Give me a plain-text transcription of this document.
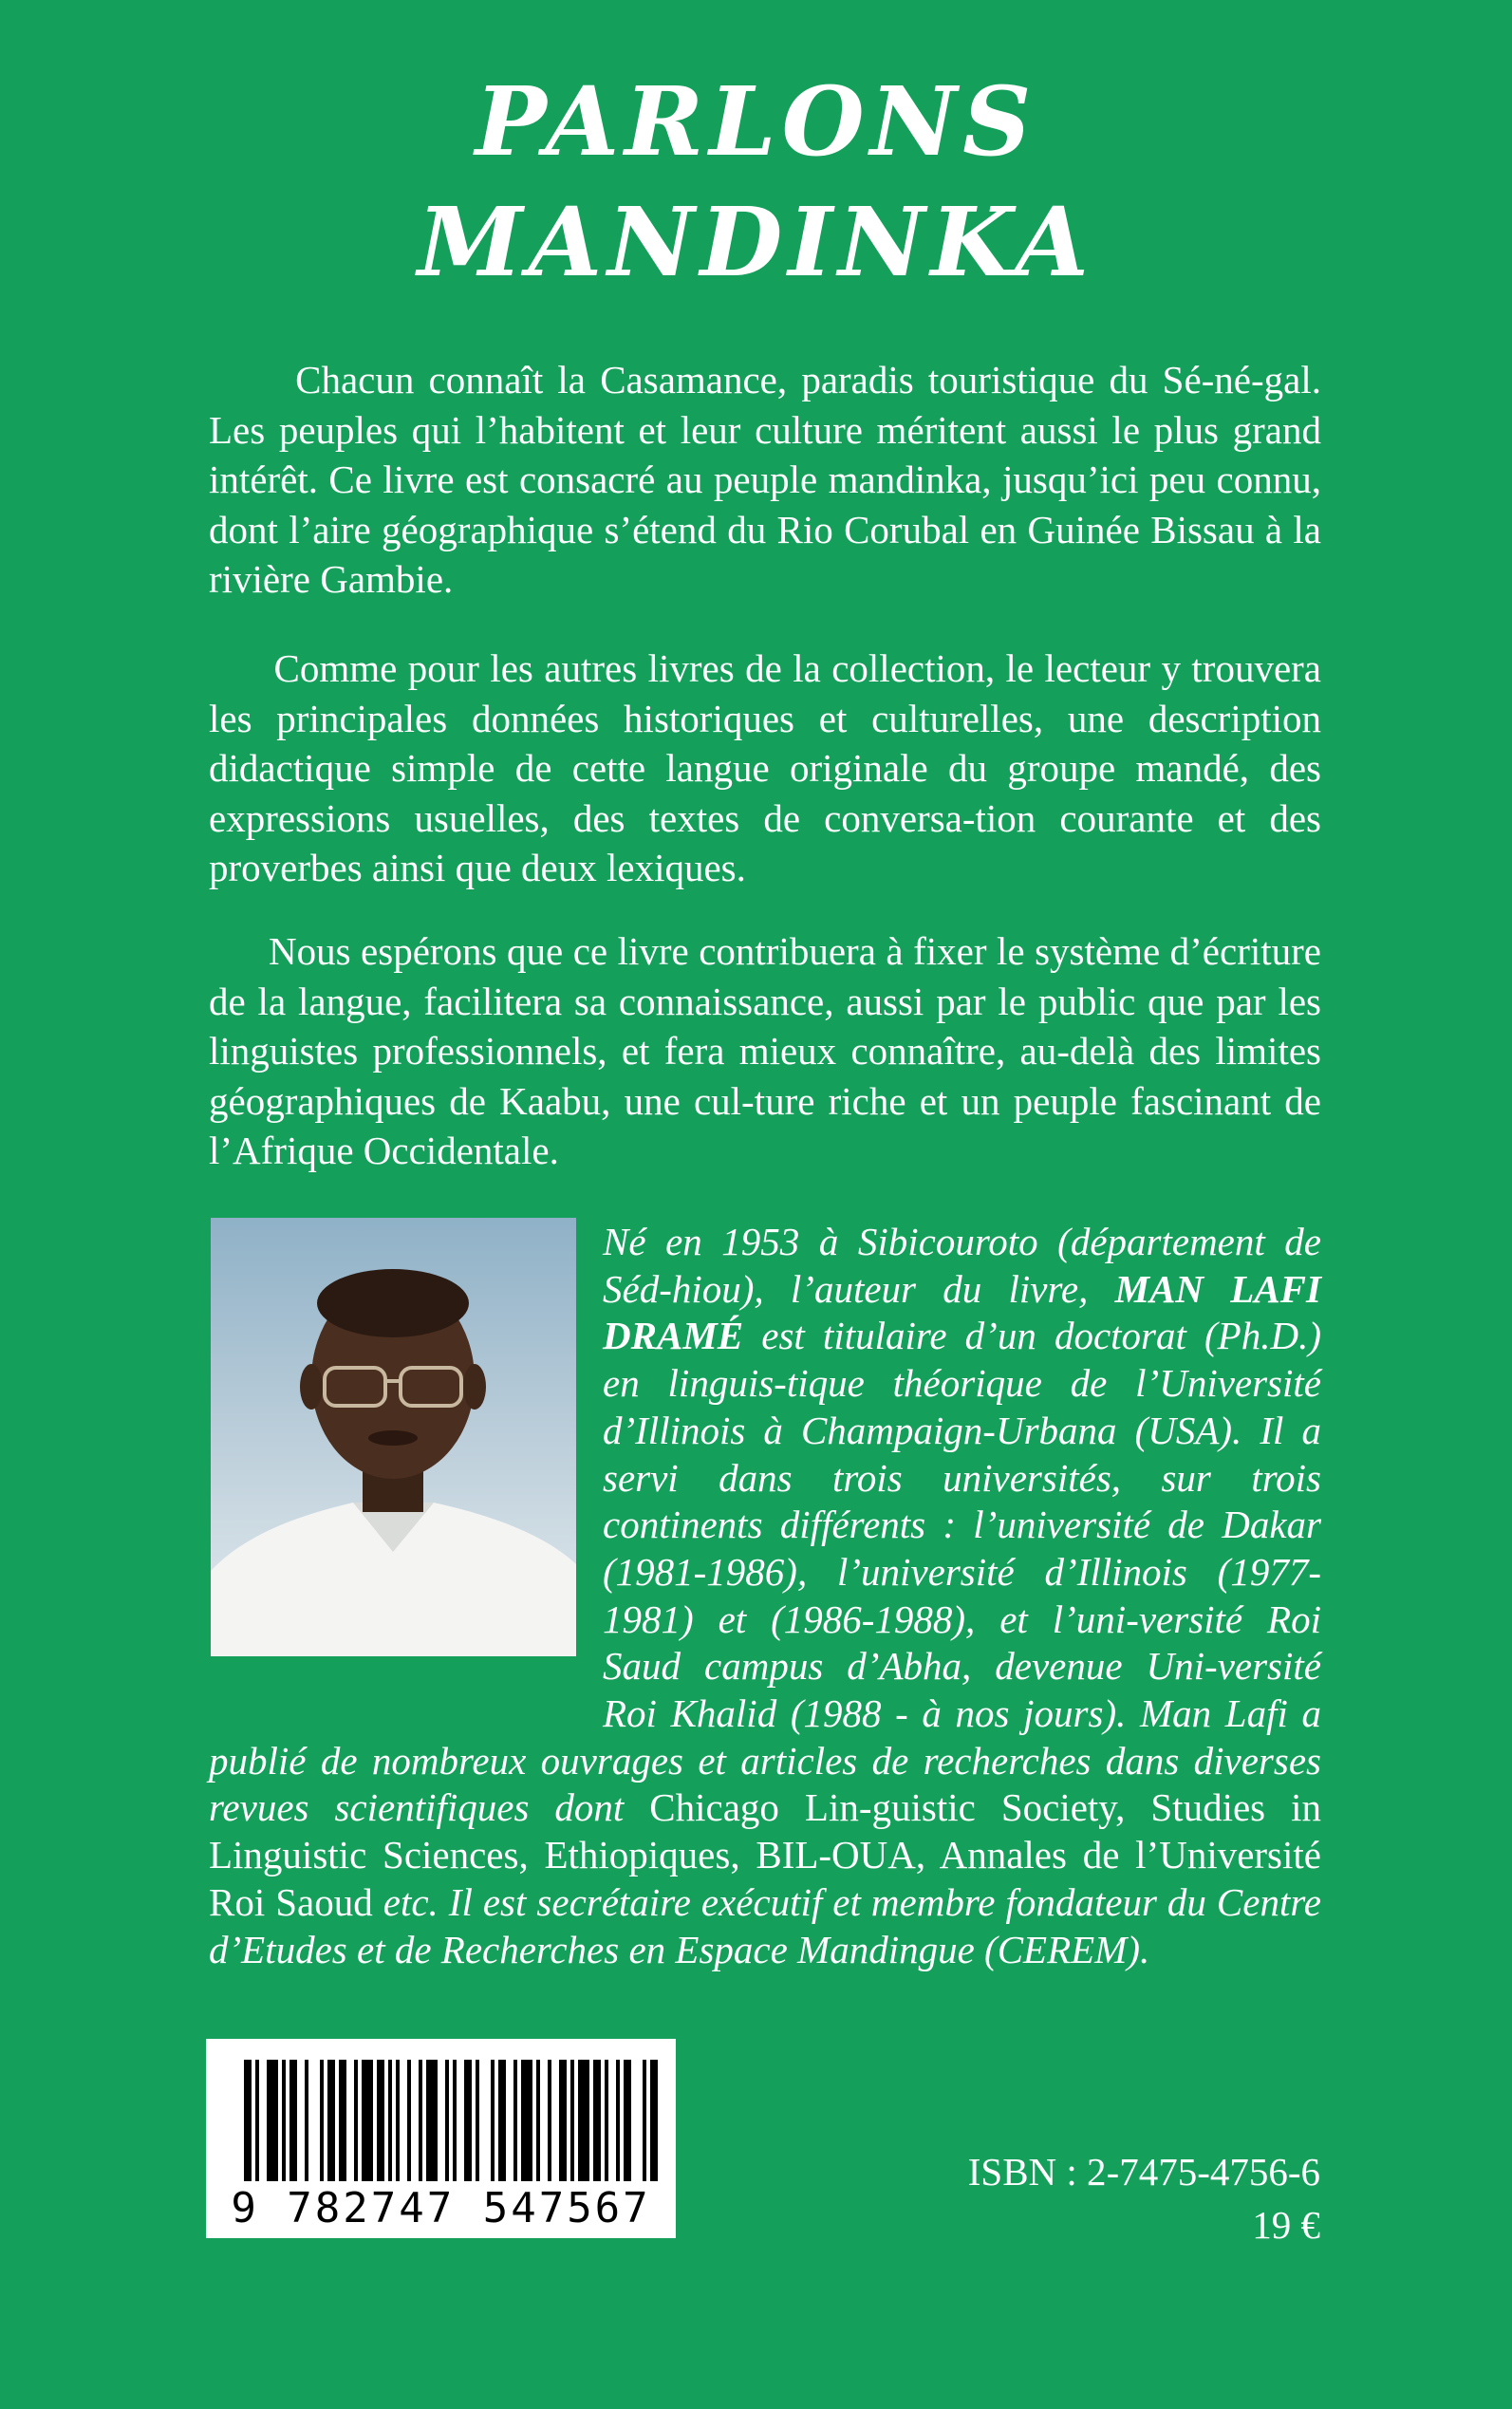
PARLONS
MANDINKA

Chacun connaît la Casamance, paradis touristique du Sé-né-gal. Les peuples qui l’habitent et leur culture méritent aussi le plus grand intérêt. Ce livre est consacré au peuple mandinka, jusqu’ici peu connu, dont l’aire géographique s’étend du Rio Corubal en Guinée Bissau à la rivière Gambie.

Comme pour les autres livres de la collection, le lecteur y trouvera les principales données historiques et culturelles, une description didactique simple de cette langue originale du groupe mandé, des expressions usuelles, des textes de conversa-tion courante et des proverbes ainsi que deux lexiques.

Nous espérons que ce livre contribuera à fixer le système d’écriture de la langue, facilitera sa connaissance, aussi par le public que par les linguistes professionnels, et fera mieux connaître, au-delà des limites géographiques de Kaabu, une cul-ture riche et un peuple fascinant de l’Afrique Occidentale.

Né en 1953 à Sibicouroto (département de Séd-hiou), l’auteur du livre, MAN LAFI DRAMÉ est titulaire d’un doctorat (Ph.D.) en linguis-tique théorique de l’Université d’Illinois à Champaign-Urbana (USA). Il a servi dans trois universités, sur trois continents différents : l’université de Dakar (1981-1986), l’université d’Illinois (1977-1981) et (1986-1988), et l’uni-versité Roi Saud campus d’Abha, devenue Uni-versité Roi Khalid (1988 - à nos jours). Man Lafi a publié de nombreux ouvrages et articles de recherches dans diverses revues scientifiques dont Chicago Lin-guistic Society, Studies in Linguistic Sciences, Ethiopiques, BIL-OUA, Annales de l’Université Roi Saoud etc. Il est secrétaire exécutif et membre fondateur du Centre d’Etudes et de Recherches en Espace Mandingue (CEREM).

9 782747 547567
ISBN : 2-7475-4756-6
19 €
